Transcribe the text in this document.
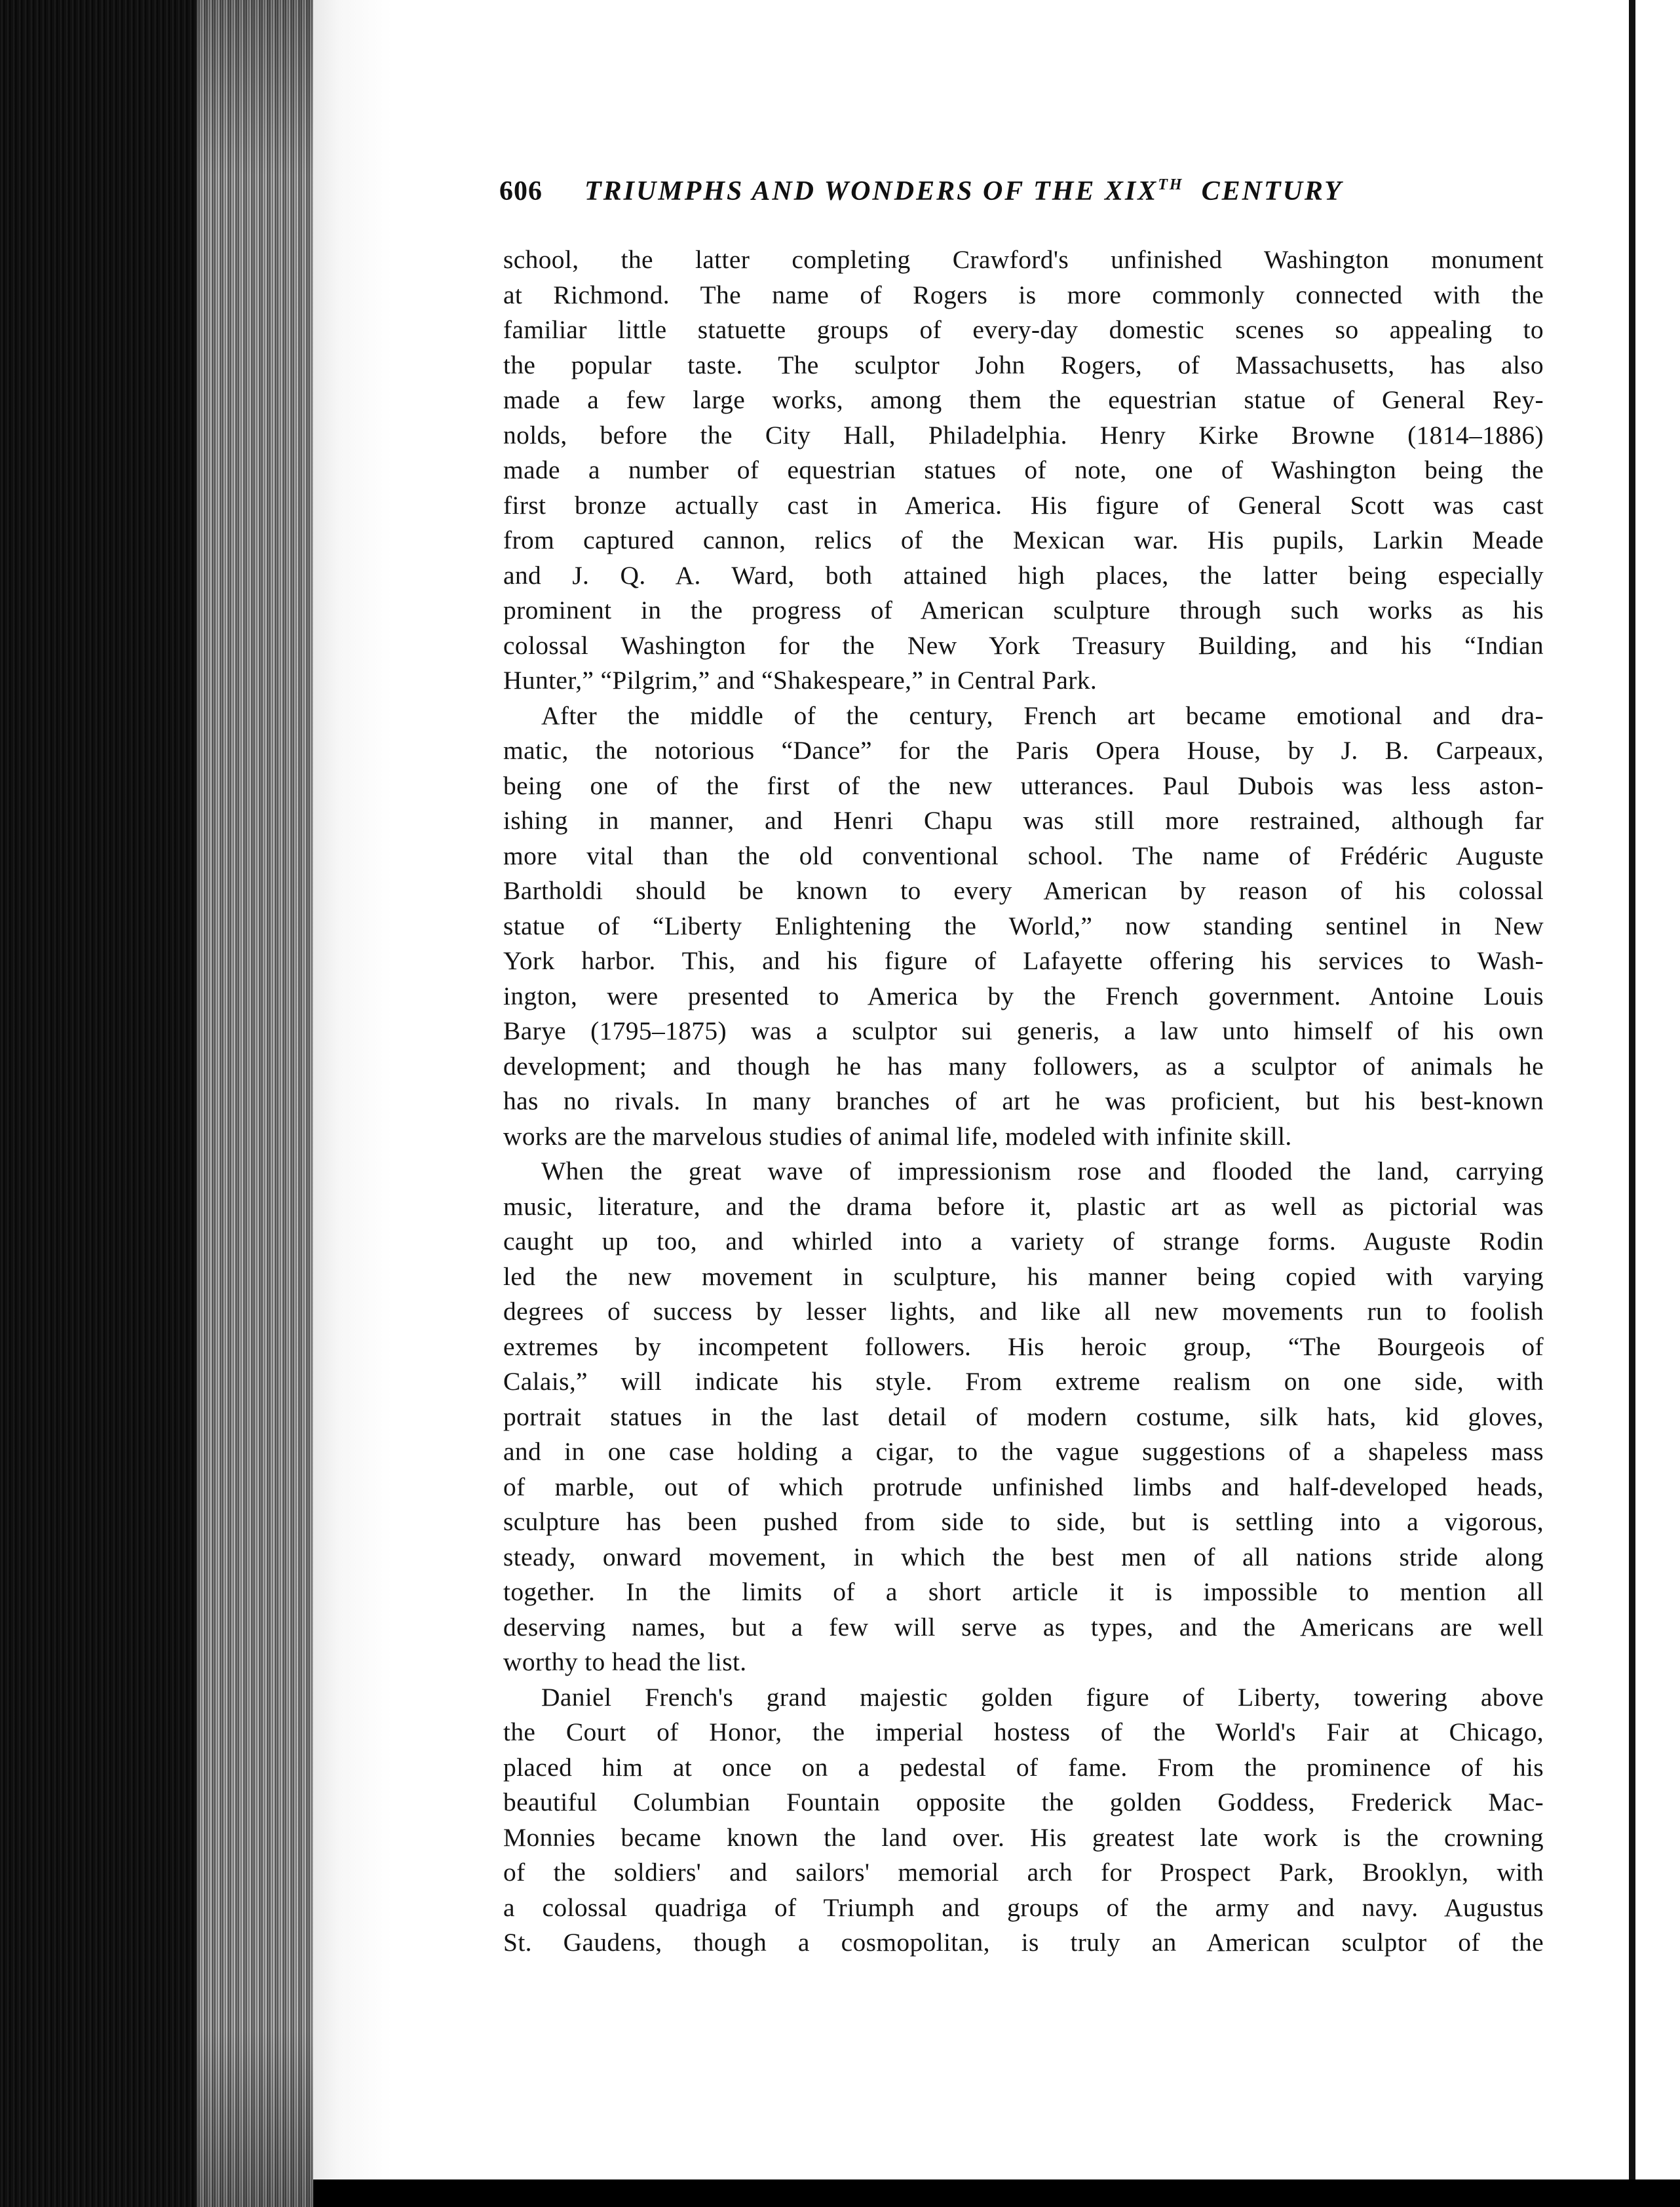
606 TRIUMPHS AND WONDERS OF THE XIXTH CENTURY
school, the latter completing Crawford's unfinished Washington monument
at Richmond. The name of Rogers is more commonly connected with the
familiar little statuette groups of every-day domestic scenes so appealing to
the popular taste. The sculptor John Rogers, of Massachusetts, has also
made a few large works, among them the equestrian statue of General Rey-
nolds, before the City Hall, Philadelphia. Henry Kirke Browne (1814–1886)
made a number of equestrian statues of note, one of Washington being the
first bronze actually cast in America. His figure of General Scott was cast
from captured cannon, relics of the Mexican war. His pupils, Larkin Meade
and J. Q. A. Ward, both attained high places, the latter being especially
prominent in the progress of American sculpture through such works as his
colossal Washington for the New York Treasury Building, and his “Indian
Hunter,” “Pilgrim,” and “Shakespeare,” in Central Park.
After the middle of the century, French art became emotional and dra-
matic, the notorious “Dance” for the Paris Opera House, by J. B. Carpeaux,
being one of the first of the new utterances. Paul Dubois was less aston-
ishing in manner, and Henri Chapu was still more restrained, although far
more vital than the old conventional school. The name of Frédéric Auguste
Bartholdi should be known to every American by reason of his colossal
statue of “Liberty Enlightening the World,” now standing sentinel in New
York harbor. This, and his figure of Lafayette offering his services to Wash-
ington, were presented to America by the French government. Antoine Louis
Barye (1795–1875) was a sculptor sui generis, a law unto himself of his own
development; and though he has many followers, as a sculptor of animals he
has no rivals. In many branches of art he was proficient, but his best-known
works are the marvelous studies of animal life, modeled with infinite skill.
When the great wave of impressionism rose and flooded the land, carrying
music, literature, and the drama before it, plastic art as well as pictorial was
caught up too, and whirled into a variety of strange forms. Auguste Rodin
led the new movement in sculpture, his manner being copied with varying
degrees of success by lesser lights, and like all new movements run to foolish
extremes by incompetent followers. His heroic group, “The Bourgeois of
Calais,” will indicate his style. From extreme realism on one side, with
portrait statues in the last detail of modern costume, silk hats, kid gloves,
and in one case holding a cigar, to the vague suggestions of a shapeless mass
of marble, out of which protrude unfinished limbs and half-developed heads,
sculpture has been pushed from side to side, but is settling into a vigorous,
steady, onward movement, in which the best men of all nations stride along
together. In the limits of a short article it is impossible to mention all
deserving names, but a few will serve as types, and the Americans are well
worthy to head the list.
Daniel French's grand majestic golden figure of Liberty, towering above
the Court of Honor, the imperial hostess of the World's Fair at Chicago,
placed him at once on a pedestal of fame. From the prominence of his
beautiful Columbian Fountain opposite the golden Goddess, Frederick Mac-
Monnies became known the land over. His greatest late work is the crowning
of the soldiers' and sailors' memorial arch for Prospect Park, Brooklyn, with
a colossal quadriga of Triumph and groups of the army and navy. Augustus
St. Gaudens, though a cosmopolitan, is truly an American sculptor of the
